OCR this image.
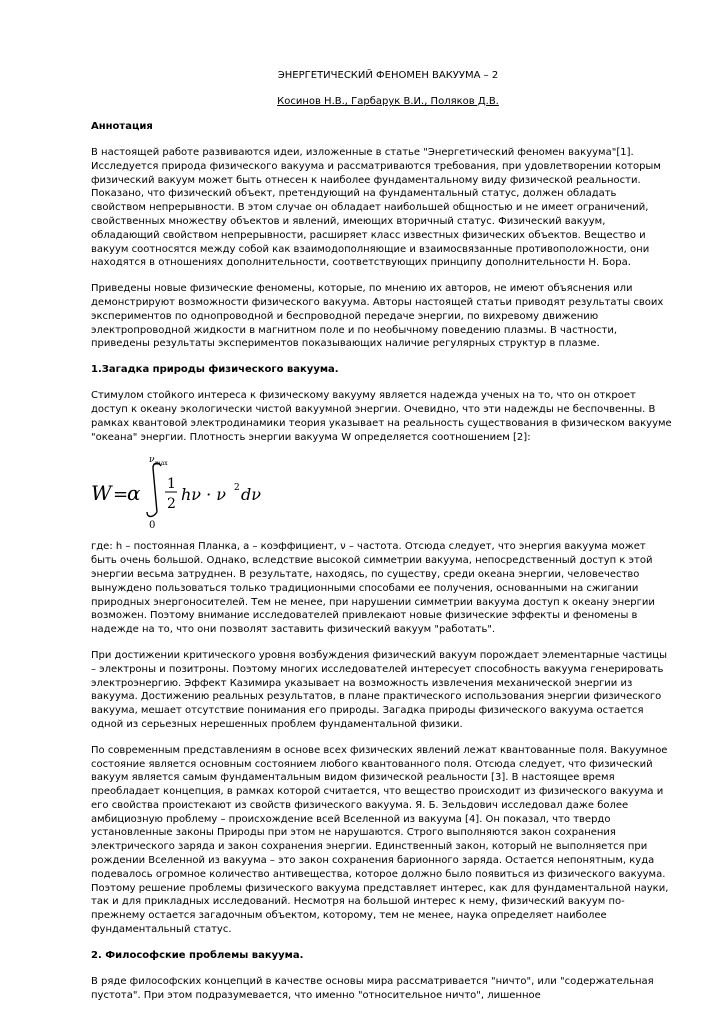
ЭНЕРГЕТИЧЕСКИЙ ФЕНОМЕН ВАКУУМА – 2
Косинов Н.В., Гарбарук В.И., Поляков Д.В.
Аннотация

В настоящей работе развиваются идеи, изложенные в статье "Энергетический феномен вакуума"[1]. Исследуется природа физического вакуума и рассматриваются требования, при удовлетворении которым физический вакуум может быть отнесен к наиболее фундаментальному виду физической реальности. Показано, что физический объект, претендующий на фундаментальный статус, должен обладать свойством непрерывности. В этом случае он обладает наибольшей общностью и не имеет ограничений, свойственных множеству объектов и явлений, имеющих вторичный статус. Физический вакуум, обладающий свойством непрерывности, расширяет класс известных физических объектов. Вещество и вакуум соотносятся между собой как взаимодополняющие и взаимосвязанные противоположности, они находятся в отношениях дополнительности, соответствующих принципу дополнительности Н. Бора.

Приведены новые физические феномены, которые, по мнению их авторов, не имеют объяснения или демонстрируют возможности физического вакуума. Авторы настоящей статьи приводят результаты своих экспериментов по однопроводной и беспроводной передаче энергии, по вихревому движению электропроводной жидкости в магнитном поле и по необычному поведению плазмы. В частности, приведены результаты экспериментов показывающих наличие регулярных структур в плазме.

1.Загадка природы физического вакуума.

Стимулом стойкого интереса к физическому вакууму является надежда ученых на то, что он откроет доступ к океану экологически чистой вакуумной энергии. Очевидно, что эти надежды не беспочвенны. В рамках квантовой электродинамики теория указывает на реальность существования в физическом вакууме "океана" энергии. Плотность энергии вакуума W определяется соотношением [2]:

W =
α
ν max
0
1
2 hν · ν 2 dν

где: h – постоянная Планка, a – коэффициент, ν – частота. Отсюда следует, что энергия вакуума может быть очень большой. Однако, вследствие высокой симметрии вакуума, непосредственный доступ к этой энергии весьма затруднен. В результате, находясь, по существу, среди океана энергии, человечество вынуждено пользоваться только традиционными способами ее получения, основанными на сжигании природных энергоносителей. Тем не менее, при нарушении симметрии вакуума доступ к океану энергии возможен. Поэтому внимание исследователей привлекают новые физические эффекты и феномены в надежде на то, что они позволят заставить физический вакуум "работать".

При достижении критического уровня возбуждения физический вакуум порождает элементарные частицы – электроны и позитроны. Поэтому многих исследователей интересует способность вакуума генерировать электроэнергию. Эффект Казимира указывает на возможность извлечения механической энергии из вакуума. Достижению реальных результатов, в плане практического использования энергии физического вакуума, мешает отсутствие понимания его природы. Загадка природы физического вакуума остается одной из серьезных нерешенных проблем фундаментальной физики.

По современным представлениям в основе всех физических явлений лежат квантованные поля. Вакуумное состояние является основным состоянием любого квантованного поля. Отсюда следует, что физический вакуум является самым фундаментальным видом физической реальности [3]. В настоящее время преобладает концепция, в рамках которой считается, что вещество происходит из физического вакуума и его свойства проистекают из свойств физического вакуума. Я. Б. Зельдович исследовал даже более амбициозную проблему – происхождение всей Вселенной из вакуума [4]. Он показал, что твердо установленные законы Природы при этом не нарушаются. Строго выполняются закон сохранения электрического заряда и закон сохранения энергии. Единственный закон, который не выполняется при рождении Вселенной из вакуума – это закон сохранения барионного заряда. Остается непонятным, куда подевалось огромное количество антивещества, которое должно было появиться из физического вакуума. Поэтому решение проблемы физического вакуума представляет интерес, как для фундаментальной науки, так и для прикладных исследований. Несмотря на большой интерес к нему, физический вакуум по-прежнему остается загадочным объектом, которому, тем не менее, наука определяет наиболее фундаментальный статус.

2. Философские проблемы вакуума.

В ряде философских концепций в качестве основы мира рассматривается "ничто", или "содержательная пустота". При этом подразумевается, что именно "относительное ничто", лишенное
